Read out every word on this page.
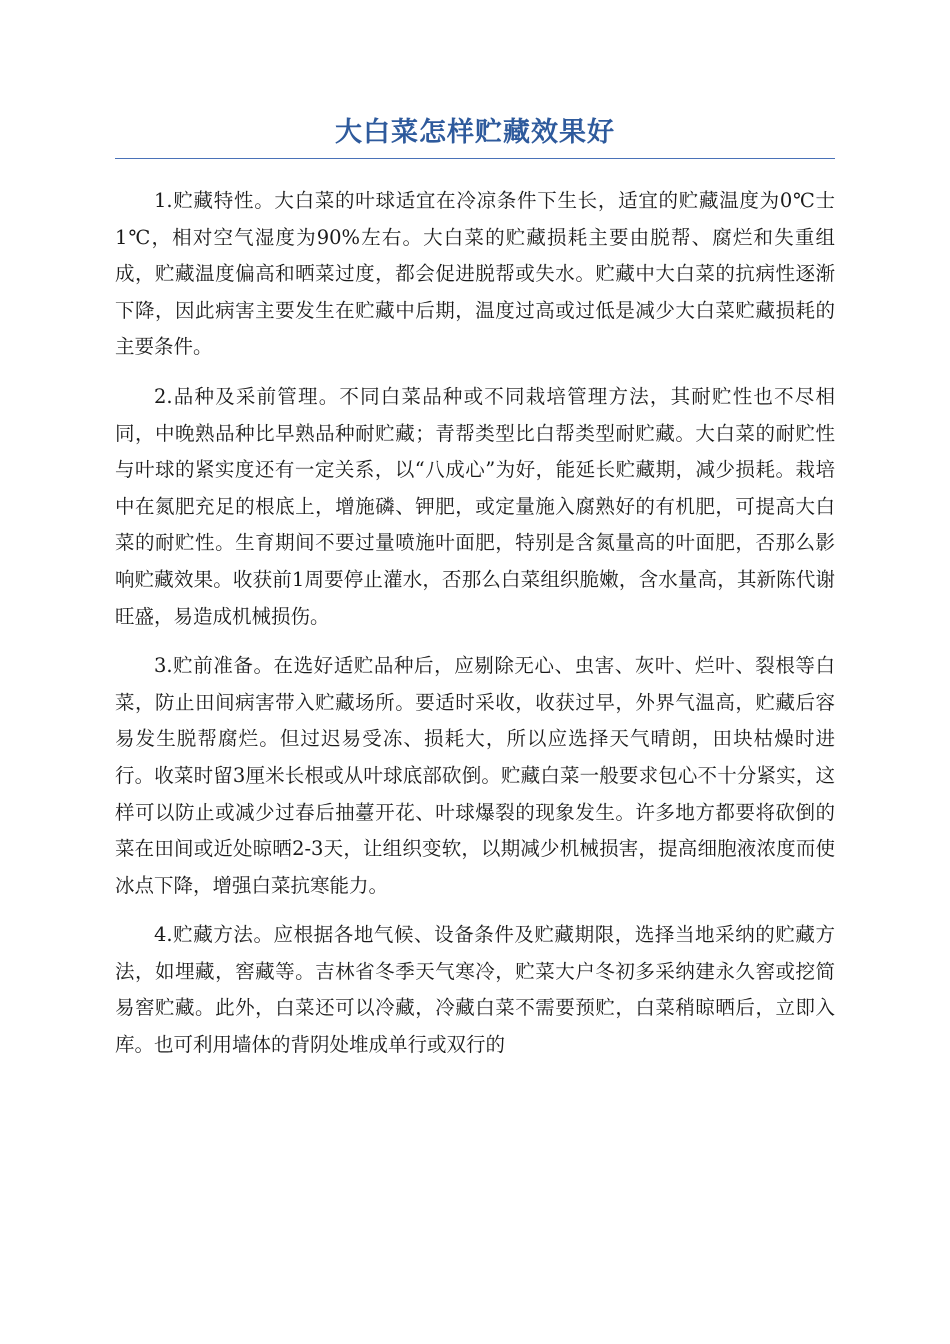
大白菜怎样贮藏效果好

1.贮藏特性。大白菜的叶球适宜在冷凉条件下生长，适宜的贮藏温度为0℃士1℃，相对空气湿度为90%左右。大白菜的贮藏损耗主要由脱帮、腐烂和失重组成，贮藏温度偏高和晒菜过度，都会促进脱帮或失水。贮藏中大白菜的抗病性逐渐下降，因此病害主要发生在贮藏中后期，温度过高或过低是减少大白菜贮藏损耗的主要条件。

2.品种及采前管理。不同白菜品种或不同栽培管理方法，其耐贮性也不尽相同，中晚熟品种比早熟品种耐贮藏；青帮类型比白帮类型耐贮藏。大白菜的耐贮性与叶球的紧实度还有一定关系，以“八成心”为好，能延长贮藏期，减少损耗。栽培中在氮肥充足的根底上，增施磷、钾肥，或定量施入腐熟好的有机肥，可提高大白菜的耐贮性。生育期间不要过量喷施叶面肥，特别是含氮量高的叶面肥，否那么影响贮藏效果。收获前1周要停止灌水，否那么白菜组织脆嫩，含水量高，其新陈代谢旺盛，易造成机械损伤。

3.贮前准备。在选好适贮品种后，应剔除无心、虫害、灰叶、烂叶、裂根等白菜，防止田间病害带入贮藏场所。要适时采收，收获过早，外界气温高，贮藏后容易发生脱帮腐烂。但过迟易受冻、损耗大，所以应选择天气晴朗，田块枯燥时进行。收菜时留3厘米长根或从叶球底部砍倒。贮藏白菜一般要求包心不十分紧实，这样可以防止或减少过春后抽薹开花、叶球爆裂的现象发生。许多地方都要将砍倒的菜在田间或近处晾晒2-3天，让组织变软，以期减少机械损害，提高细胞液浓度而使冰点下降，增强白菜抗寒能力。

4.贮藏方法。应根据各地气候、设备条件及贮藏期限，选择当地采纳的贮藏方法，如埋藏，窖藏等。吉林省冬季天气寒冷，贮菜大户冬初多采纳建永久窖或挖简易窖贮藏。此外，白菜还可以冷藏，冷藏白菜不需要预贮，白菜稍晾晒后，立即入库。也可利用墙体的背阴处堆成单行或双行的
